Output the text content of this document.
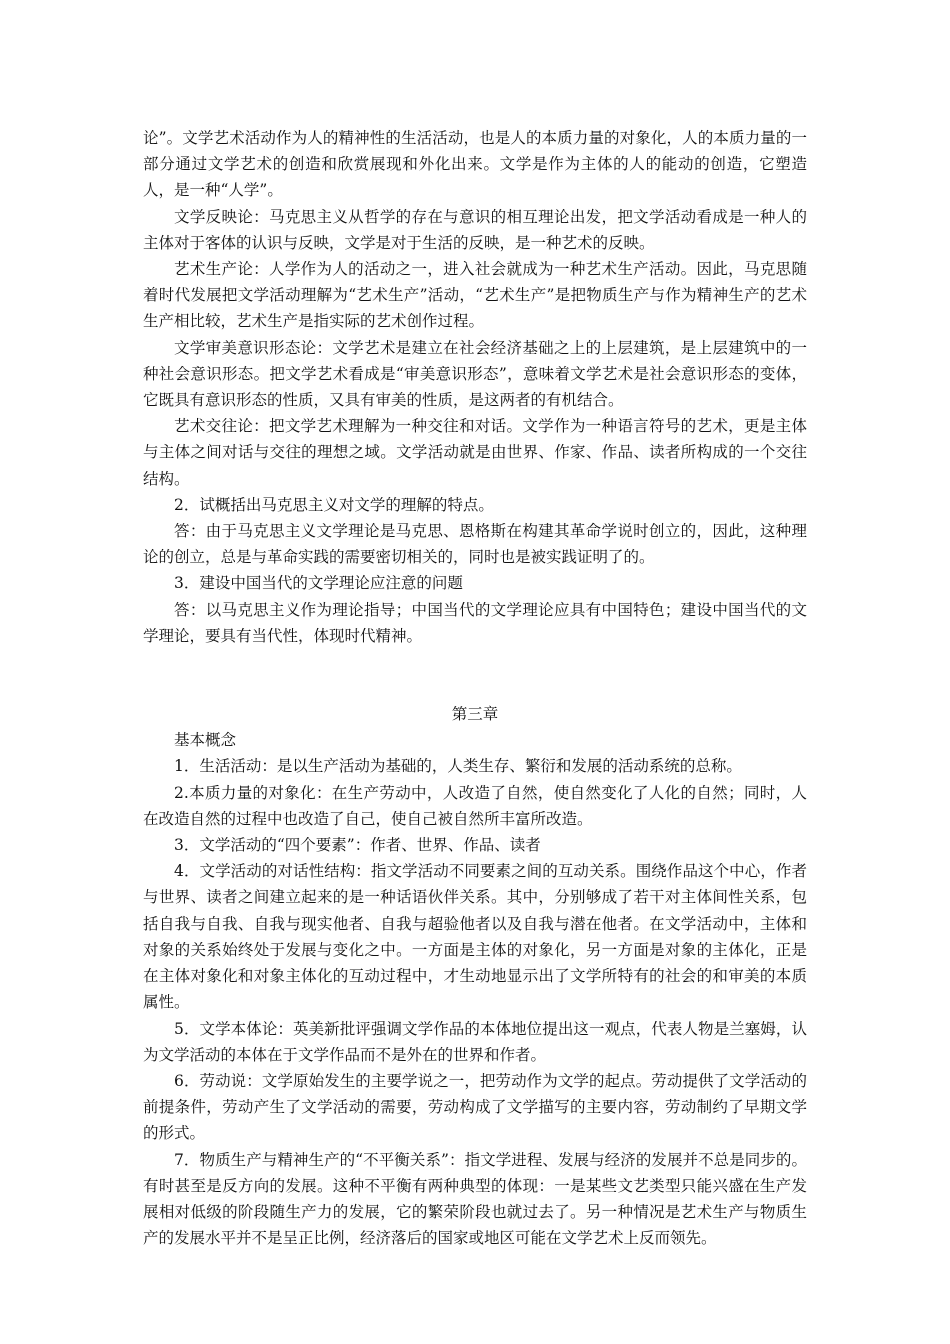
论”。文学艺术活动作为人的精神性的生活活动，也是人的本质力量的对象化，人的本质力量的一部分通过文学艺术的创造和欣赏展现和外化出来。文学是作为主体的人的能动的创造，它塑造人，是一种“人学”。

文学反映论：马克思主义从哲学的存在与意识的相互理论出发，把文学活动看成是一种人的主体对于客体的认识与反映，文学是对于生活的反映，是一种艺术的反映。

艺术生产论：人学作为人的活动之一，进入社会就成为一种艺术生产活动。因此，马克思随着时代发展把文学活动理解为“艺术生产”活动，“艺术生产”是把物质生产与作为精神生产的艺术生产相比较，艺术生产是指实际的艺术创作过程。

文学审美意识形态论：文学艺术是建立在社会经济基础之上的上层建筑，是上层建筑中的一种社会意识形态。把文学艺术看成是“审美意识形态”，意味着文学艺术是社会意识形态的变体，它既具有意识形态的性质，又具有审美的性质，是这两者的有机结合。

艺术交往论：把文学艺术理解为一种交往和对话。文学作为一种语言符号的艺术，更是主体与主体之间对话与交往的理想之域。文学活动就是由世界、作家、作品、读者所构成的一个交往结构。

2．试概括出马克思主义对文学的理解的特点。

答：由于马克思主义文学理论是马克思、恩格斯在构建其革命学说时创立的，因此，这种理论的创立，总是与革命实践的需要密切相关的，同时也是被实践证明了的。

3．建设中国当代的文学理论应注意的问题

答：以马克思主义作为理论指导；中国当代的文学理论应具有中国特色；建设中国当代的文学理论，要具有当代性，体现时代精神。

第三章

基本概念

1．生活活动：是以生产活动为基础的，人类生存、繁衍和发展的活动系统的总称。

2.本质力量的对象化：在生产劳动中，人改造了自然，使自然变化了人化的自然；同时，人在改造自然的过程中也改造了自己，使自己被自然所丰富所改造。

3．文学活动的“四个要素”：作者、世界、作品、读者

4．文学活动的对话性结构：指文学活动不同要素之间的互动关系。围绕作品这个中心，作者与世界、读者之间建立起来的是一种话语伙伴关系。其中，分别够成了若干对主体间性关系，包括自我与自我、自我与现实他者、自我与超验他者以及自我与潜在他者。在文学活动中，主体和对象的关系始终处于发展与变化之中。一方面是主体的对象化，另一方面是对象的主体化，正是在主体对象化和对象主体化的互动过程中，才生动地显示出了文学所特有的社会的和审美的本质属性。

5．文学本体论：英美新批评强调文学作品的本体地位提出这一观点，代表人物是兰塞姆，认为文学活动的本体在于文学作品而不是外在的世界和作者。

6．劳动说：文学原始发生的主要学说之一，把劳动作为文学的起点。劳动提供了文学活动的前提条件，劳动产生了文学活动的需要，劳动构成了文学描写的主要内容，劳动制约了早期文学的形式。

7．物质生产与精神生产的“不平衡关系”：指文学进程、发展与经济的发展并不总是同步的。有时甚至是反方向的发展。这种不平衡有两种典型的体现：一是某些文艺类型只能兴盛在生产发展相对低级的阶段随生产力的发展，它的繁荣阶段也就过去了。另一种情况是艺术生产与物质生产的发展水平并不是呈正比例，经济落后的国家或地区可能在文学艺术上反而领先。
